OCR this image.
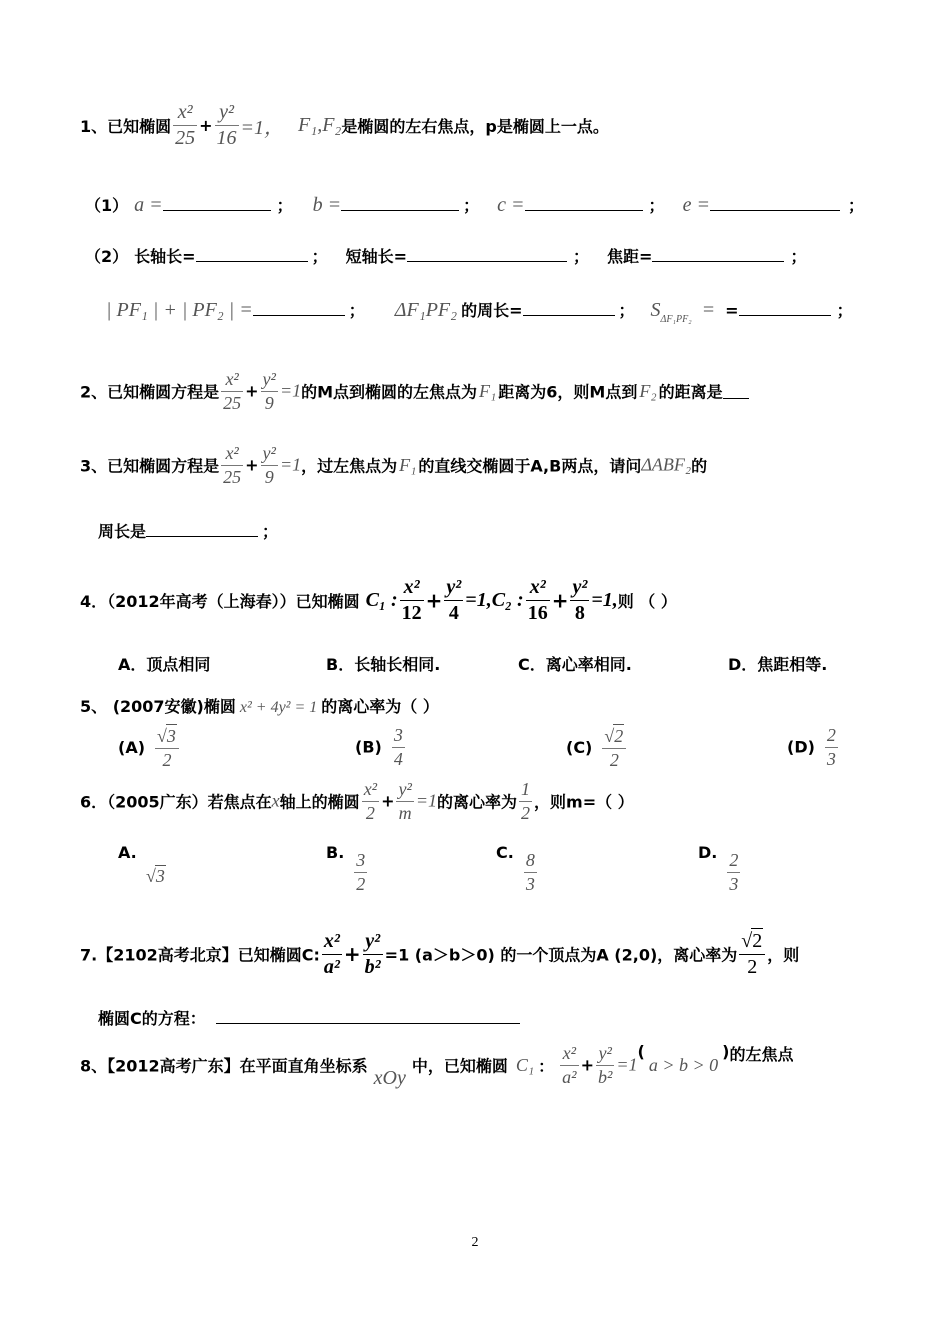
1、已知椭圆 $\frac{\text{x²}}{25} + \frac{\text{y²}}{16} =1$， F₁,F₂是椭圆的左右焦点，p是椭圆上一点。
（1） a =	； b =	； c =	； e =	；
（2） 长轴长=	； 短轴长=	； 焦距=	；
| PF₁ | + | PF₂ | =	； ΔF₁PF₂ 的周长=	； $S_{\Delta F_1PF_2}$ = =	；
2、已知椭圆方程是 $\frac{\text{x²}}{25} + \frac{\text{y²}}{9} =1$的M点到椭圆的左焦点为 F₁ 距离为6，则M点到 F₂ 的距离是
3、已知椭圆方程是 $\frac{\text{x²}}{25} + \frac{\text{y²}}{9} =1$，过左焦点为 F₁ 的直线交椭圆于A,B两点，请问ΔABF₂的
周长是	；
4．（2012年高考（上海春））已知椭圆 C₁ : $\frac{\text{x²}}{12} + \frac{\text{y²}}{4} =1,C_2$ : $\frac{\text{x²}}{16} + \frac{\text{y²}}{8} =1$,则 （ ）
A．顶点相同	B．长轴长相同.	C．离心率相同.	D．焦距相等.
5、 (2007安徽)椭圆 x² + 4y² = 1 的离心率为（ ）
$(A) \frac{√3}{2}$	$(B) \frac{3}{4}$	$(C) \frac{√2}{2}$	$(D) \frac{2}{3}$
6．（2005广东）若焦点在x轴上的椭圆 $\frac{\text{x²}}{2} + \frac{\text{y²}}{m} =1$的离心率为 $\frac{1}{2}$ ，则m=（ ）
A.
√3
B. $\frac{3}{2}$	C. $\frac{8}{3}$	D. $\frac{2}{3}$
7.【2102高考北京】已知椭圆C: $\frac{\text{x²}}{\text{a²}} + \frac{\text{y²}}{\text{b²}} =1$ (a＞b＞0) 的一个顶点为A (2,0)，离心率为 $\frac{√2}{2}$ ，则
椭圆C的方程：
8、【2012高考广东】在平面直角坐标系xOy中，已知椭圆 C₁ ： $\frac{\text{x²}}{\text{a²}} + \frac{\text{y²}}{\text{b²}} =1(a > b > 0)$的左焦点
2
